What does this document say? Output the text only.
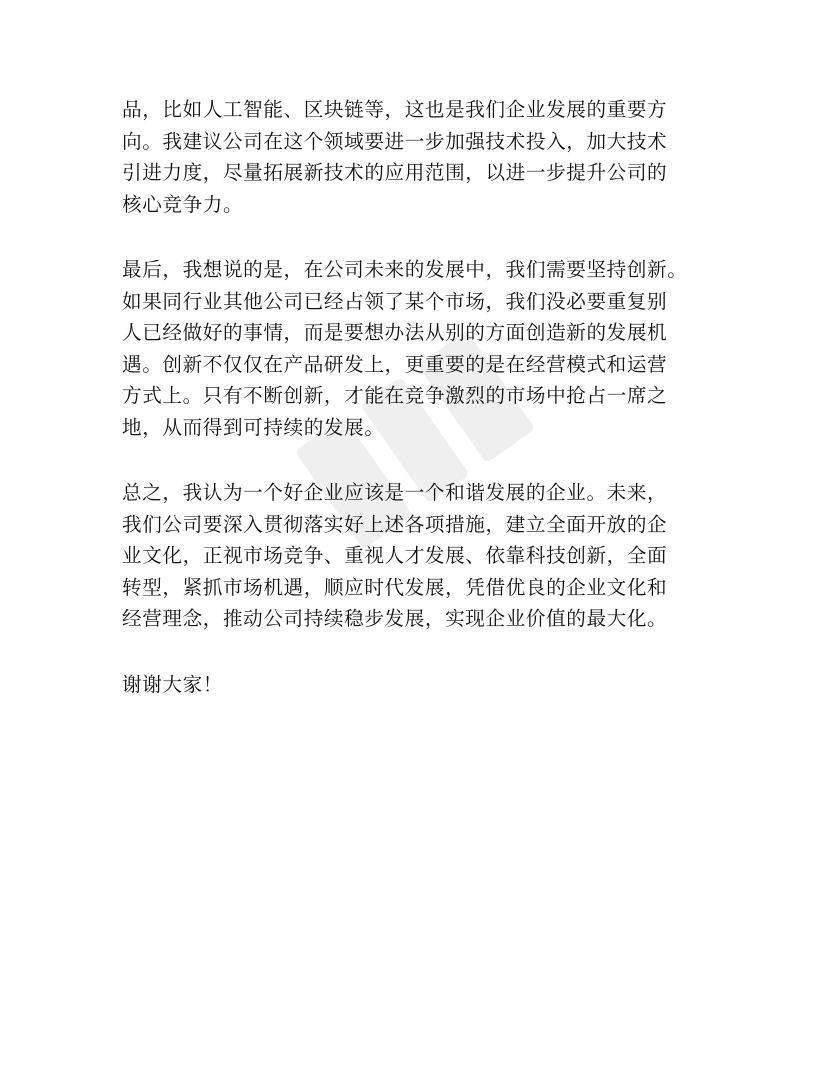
品，比如人工智能、区块链等，这也是我们企业发展的重要方
向。我建议公司在这个领域要进一步加强技术投入，加大技术
引进力度，尽量拓展新技术的应用范围，以进一步提升公司的
核心竞争力。

最后，我想说的是，在公司未来的发展中，我们需要坚持创新。
如果同行业其他公司已经占领了某个市场，我们没必要重复别
人已经做好的事情，而是要想办法从别的方面创造新的发展机
遇。创新不仅仅在产品研发上，更重要的是在经营模式和运营
方式上。只有不断创新，才能在竞争激烈的市场中抢占一席之
地，从而得到可持续的发展。

总之，我认为一个好企业应该是一个和谐发展的企业。未来，
我们公司要深入贯彻落实好上述各项措施，建立全面开放的企
业文化，正视市场竞争、重视人才发展、依靠科技创新，全面
转型，紧抓市场机遇，顺应时代发展，凭借优良的企业文化和
经营理念，推动公司持续稳步发展，实现企业价值的最大化。

谢谢大家！
